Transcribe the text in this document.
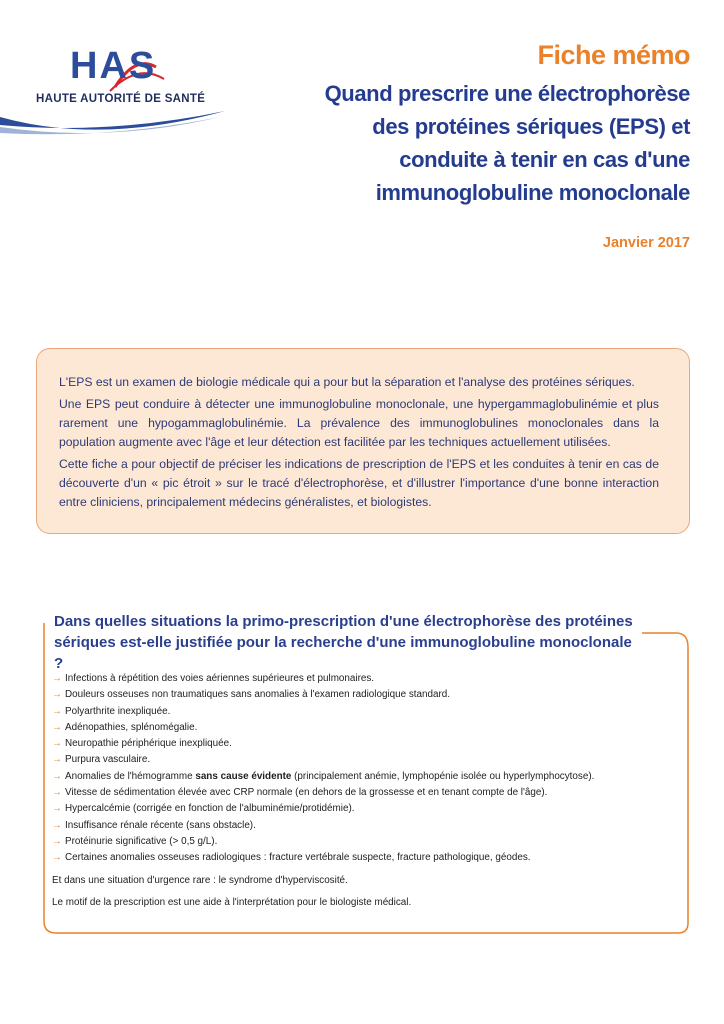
HAS
HAUTE AUTORITÉ DE SANTÉ

Fiche mémo

Quand prescrire une électrophorèse
des protéines sériques (EPS) et
conduite à tenir en cas d'une
immunoglobuline monoclonale
Janvier 2017

L'EPS est un examen de biologie médicale qui a pour but la séparation et l'analyse des protéines sériques.

Une EPS peut conduire à détecter une immunoglobuline monoclonale, une hypergammaglobulinémie et plus rarement une hypogammaglobulinémie. La prévalence des immunoglobulines monoclonales dans la population augmente avec l'âge et leur détection est facilitée par les techniques actuellement utilisées.

Cette fiche a pour objectif de préciser les indications de prescription de l'EPS et les conduites à tenir en cas de découverte d'un « pic étroit » sur le tracé d'électrophorèse, et d'illustrer l'importance d'une bonne interaction entre cliniciens, principalement médecins généralistes, et biologistes.

Dans quelles situations la primo-prescription d'une électrophorèse des protéines sériques est-elle justifiée pour la recherche d'une immunoglobuline monoclonale ?
→ Infections à répétition des voies aériennes supérieures et pulmonaires.
→ Douleurs osseuses non traumatiques sans anomalies à l'examen radiologique standard.
→ Polyarthrite inexpliquée.
→ Adénopathies, splénomégalie.
→ Neuropathie périphérique inexpliquée.
→ Purpura vasculaire.
→ Anomalies de l'hémogramme sans cause évidente (principalement anémie, lymphopénie isolée ou hyperlymphocytose).
→ Vitesse de sédimentation élevée avec CRP normale (en dehors de la grossesse et en tenant compte de l'âge).
→ Hypercalcémie (corrigée en fonction de l'albuminémie/protidémie).
→ Insuffisance rénale récente (sans obstacle).
→ Protéinurie significative (> 0,5 g/L).
→ Certaines anomalies osseuses radiologiques : fracture vertébrale suspecte, fracture pathologique, géodes.

Et dans une situation d'urgence rare : le syndrome d'hyperviscosité.

Le motif de la prescription est une aide à l'interprétation pour le biologiste médical.
